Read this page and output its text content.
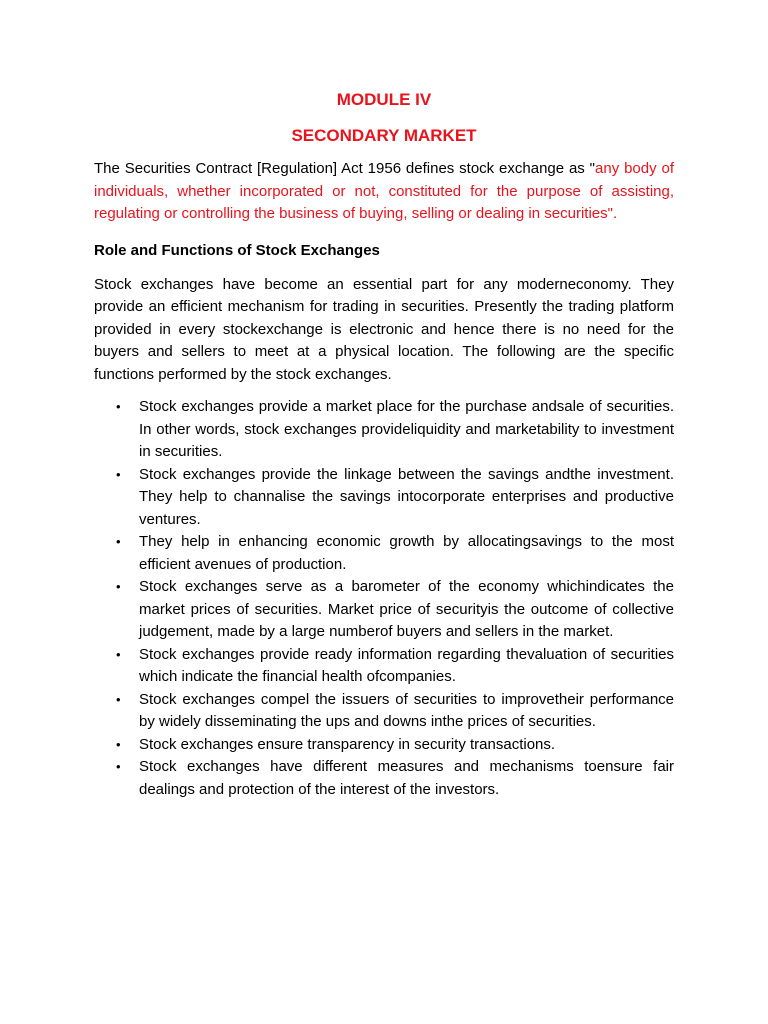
MODULE IV
SECONDARY MARKET

The Securities Contract [Regulation] Act 1956 defines stock exchange as "any body of individuals, whether incorporated or not, constituted for the purpose of assisting, regulating or controlling the business of buying, selling or dealing in securities".

Role and Functions of Stock Exchanges

Stock exchanges have become an essential part for any moderneconomy. They provide an efficient mechanism for trading in securities. Presently the trading platform provided in every stockexchange is electronic and hence there is no need for the buyers and sellers to meet at a physical location. The following are the specific functions performed by the stock exchanges.

• Stock exchanges provide a market place for the purchase andsale of securities. In other words, stock exchanges provideliquidity and marketability to investment in securities.
• Stock exchanges provide the linkage between the savings andthe investment. They help to channalise the savings intocorporate enterprises and productive ventures.
• They help in enhancing economic growth by allocatingsavings to the most efficient avenues of production.
• Stock exchanges serve as a barometer of the economy whichindicates the market prices of securities. Market price of securityis the outcome of collective judgement, made by a large numberof buyers and sellers in the market.
• Stock exchanges provide ready information regarding thevaluation of securities which indicate the financial health ofcompanies.
• Stock exchanges compel the issuers of securities to improvetheir performance by widely disseminating the ups and downs inthe prices of securities.
• Stock exchanges ensure transparency in security transactions.
• Stock exchanges have different measures and mechanisms toensure fair dealings and protection of the interest of the investors.
